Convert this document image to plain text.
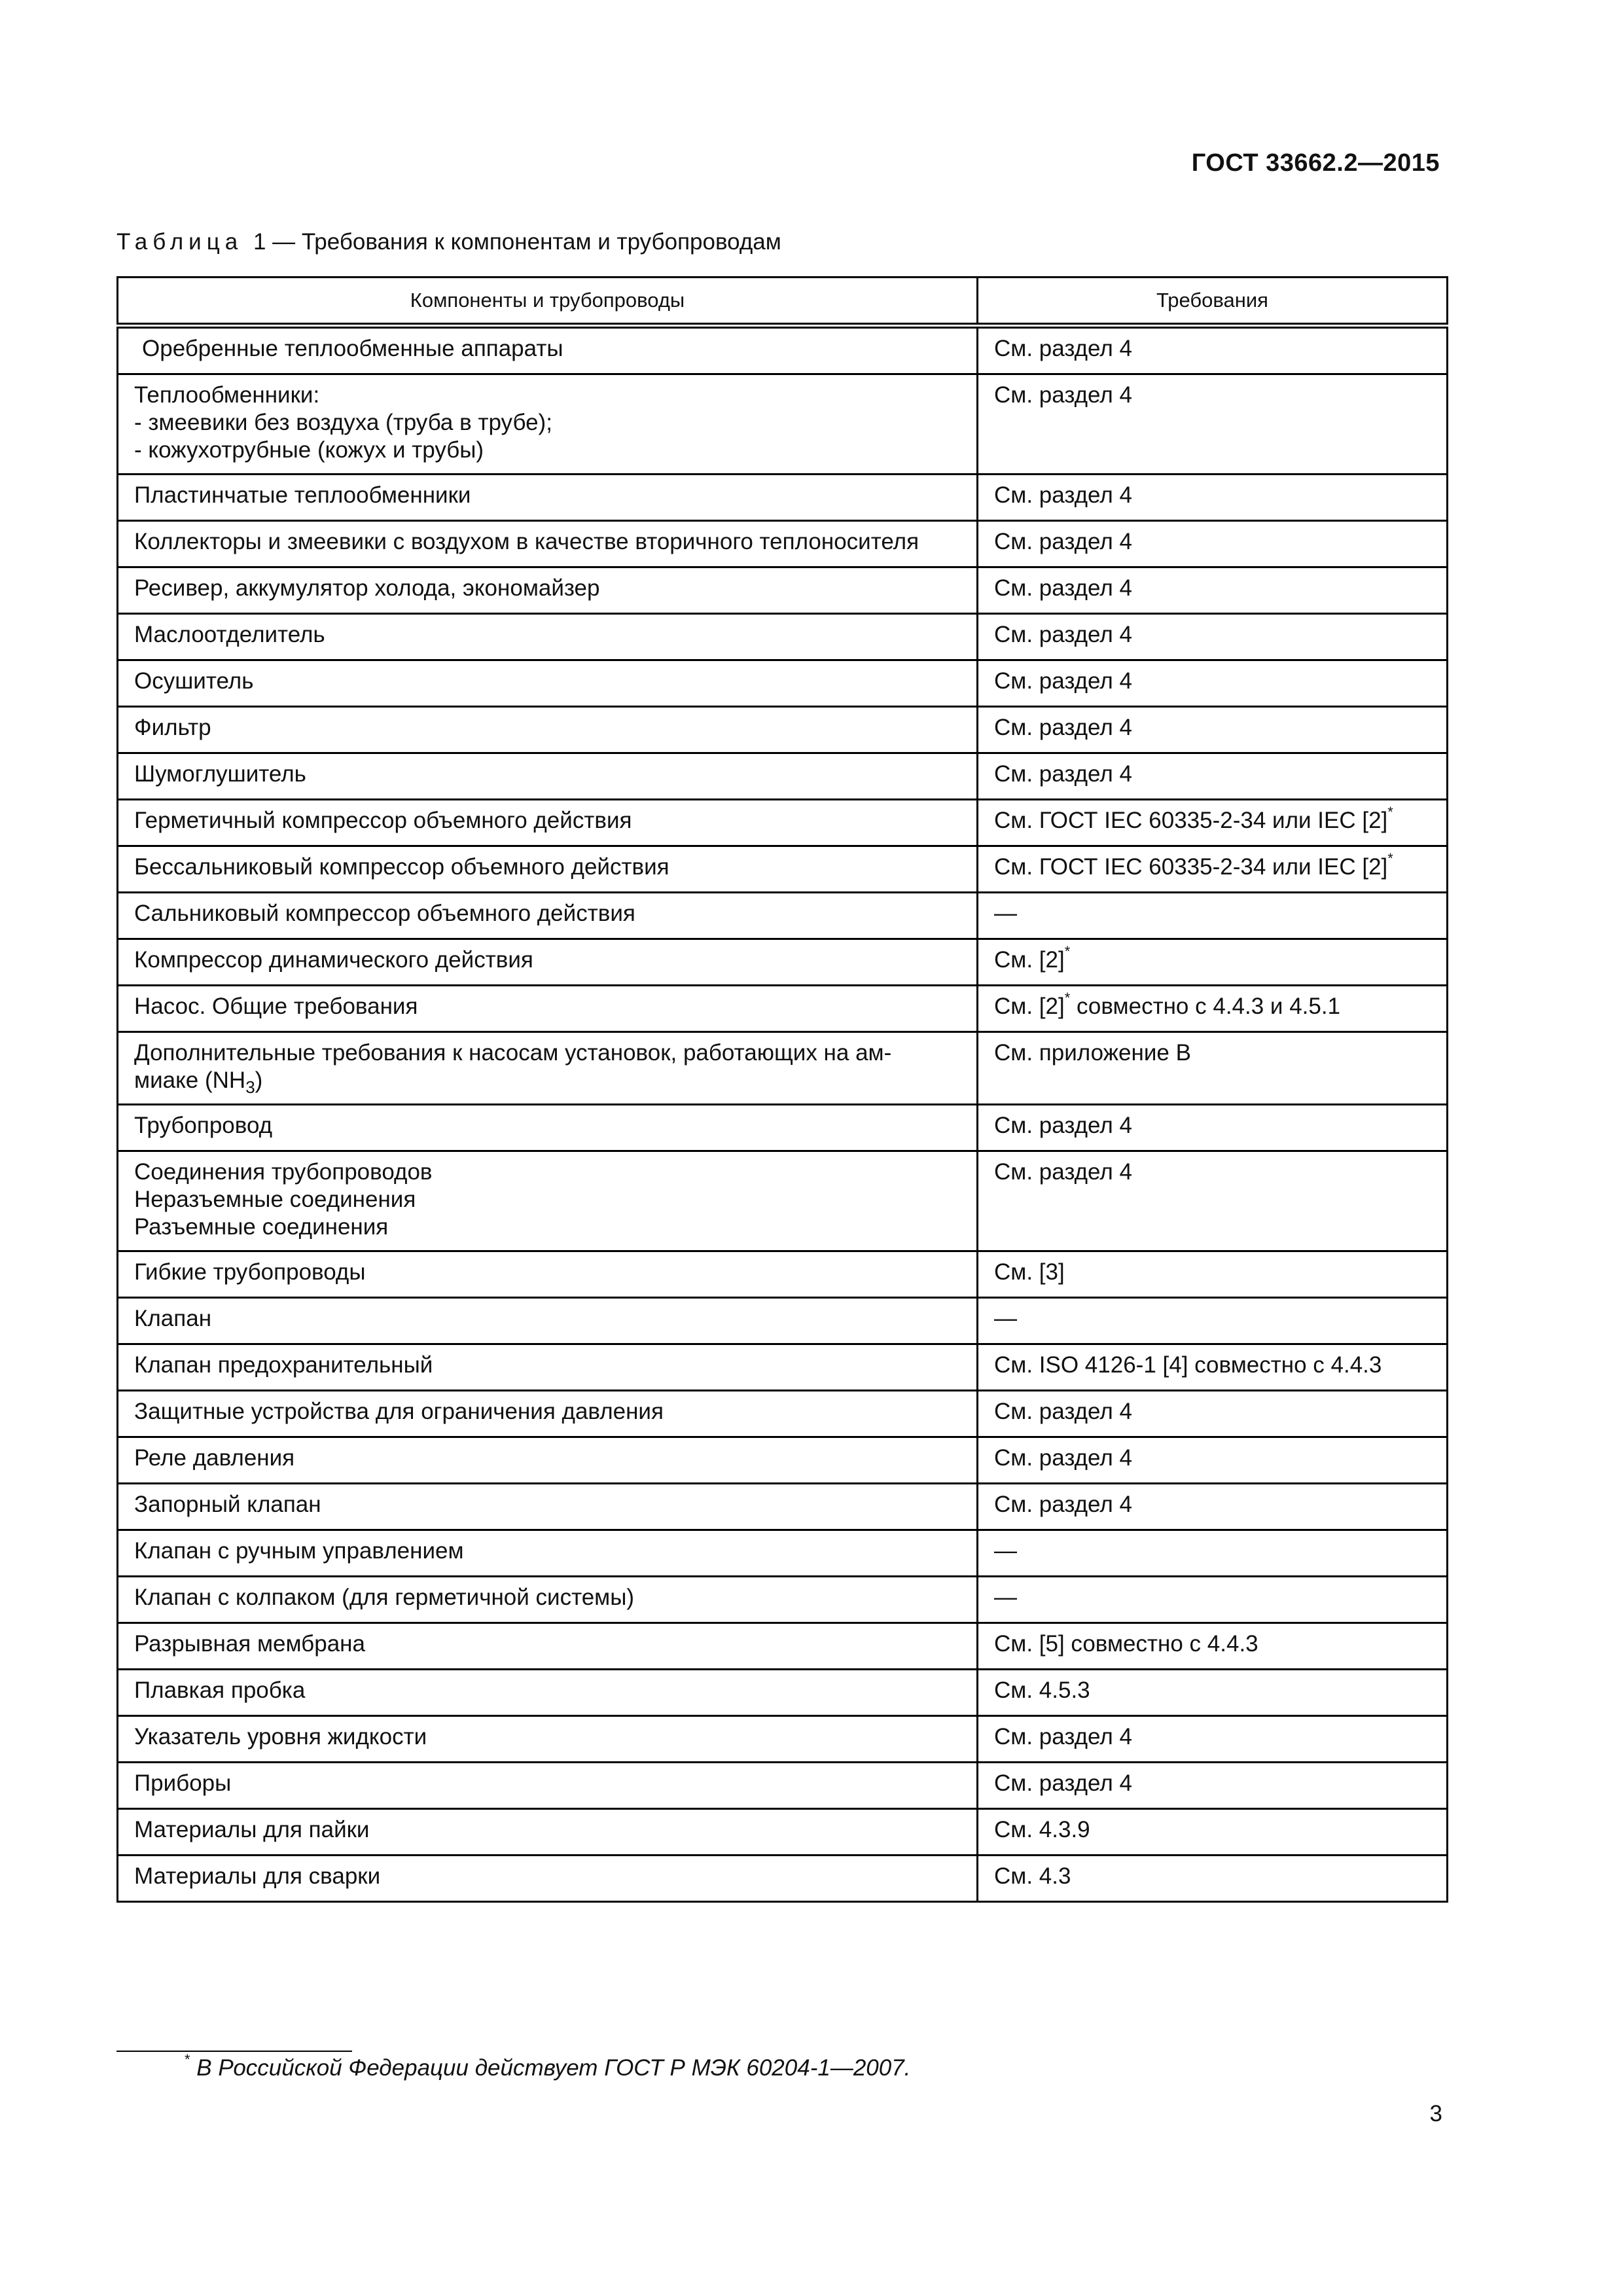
ГОСТ 33662.2—2015
Таблица 1 — Требования к компонентам и трубопроводам
Компоненты и трубопроводы	Требования

Оребренные теплообменные аппараты	См. раздел 4

Теплообменники:
- змеевики без воздуха (труба в трубе);
- кожухотрубные (кожух и трубы)	См. раздел 4

Пластинчатые теплообменники	См. раздел 4

Коллекторы и змеевики с воздухом в качестве вторичного теплоносителя	См. раздел 4

Ресивер, аккумулятор холода, экономайзер	См. раздел 4

Маслоотделитель	См. раздел 4

Осушитель	См. раздел 4

Фильтр	См. раздел 4

Шумоглушитель	См. раздел 4

Герметичный компрессор объемного действия	См. ГОСТ IEC 60335-2-34 или IEC [2]*

Бессальниковый компрессор объемного действия	См. ГОСТ IEC 60335-2-34 или IEC [2]*

Сальниковый компрессор объемного действия	—

Компрессор динамического действия	См. [2]*

Насос. Общие требования	См. [2]* совместно с 4.4.3 и 4.5.1

Дополнительные требования к насосам установок, работающих на ам-
миаке $(NH_3)$	См. приложение В

Трубопровод	См. раздел 4

Соединения трубопроводов
Неразъемные соединения
Разъемные соединения	См. раздел 4

Гибкие трубопроводы	См. [3]

Клапан	—

Клапан предохранительный	См. ISO 4126-1 [4] совместно с 4.4.3

Защитные устройства для ограничения давления	См. раздел 4

Реле давления	См. раздел 4

Запорный клапан	См. раздел 4

Клапан с ручным управлением	—

Клапан с колпаком (для герметичной системы)	—

Разрывная мембрана	См. [5] совместно с 4.4.3

Плавкая пробка	См. 4.5.3

Указатель уровня жидкости	См. раздел 4

Приборы	См. раздел 4

Материалы для пайки	См. 4.3.9

Материалы для сварки	См. 4.3
* В Российской Федерации действует ГОСТ Р МЭК 60204-1—2007.
3
